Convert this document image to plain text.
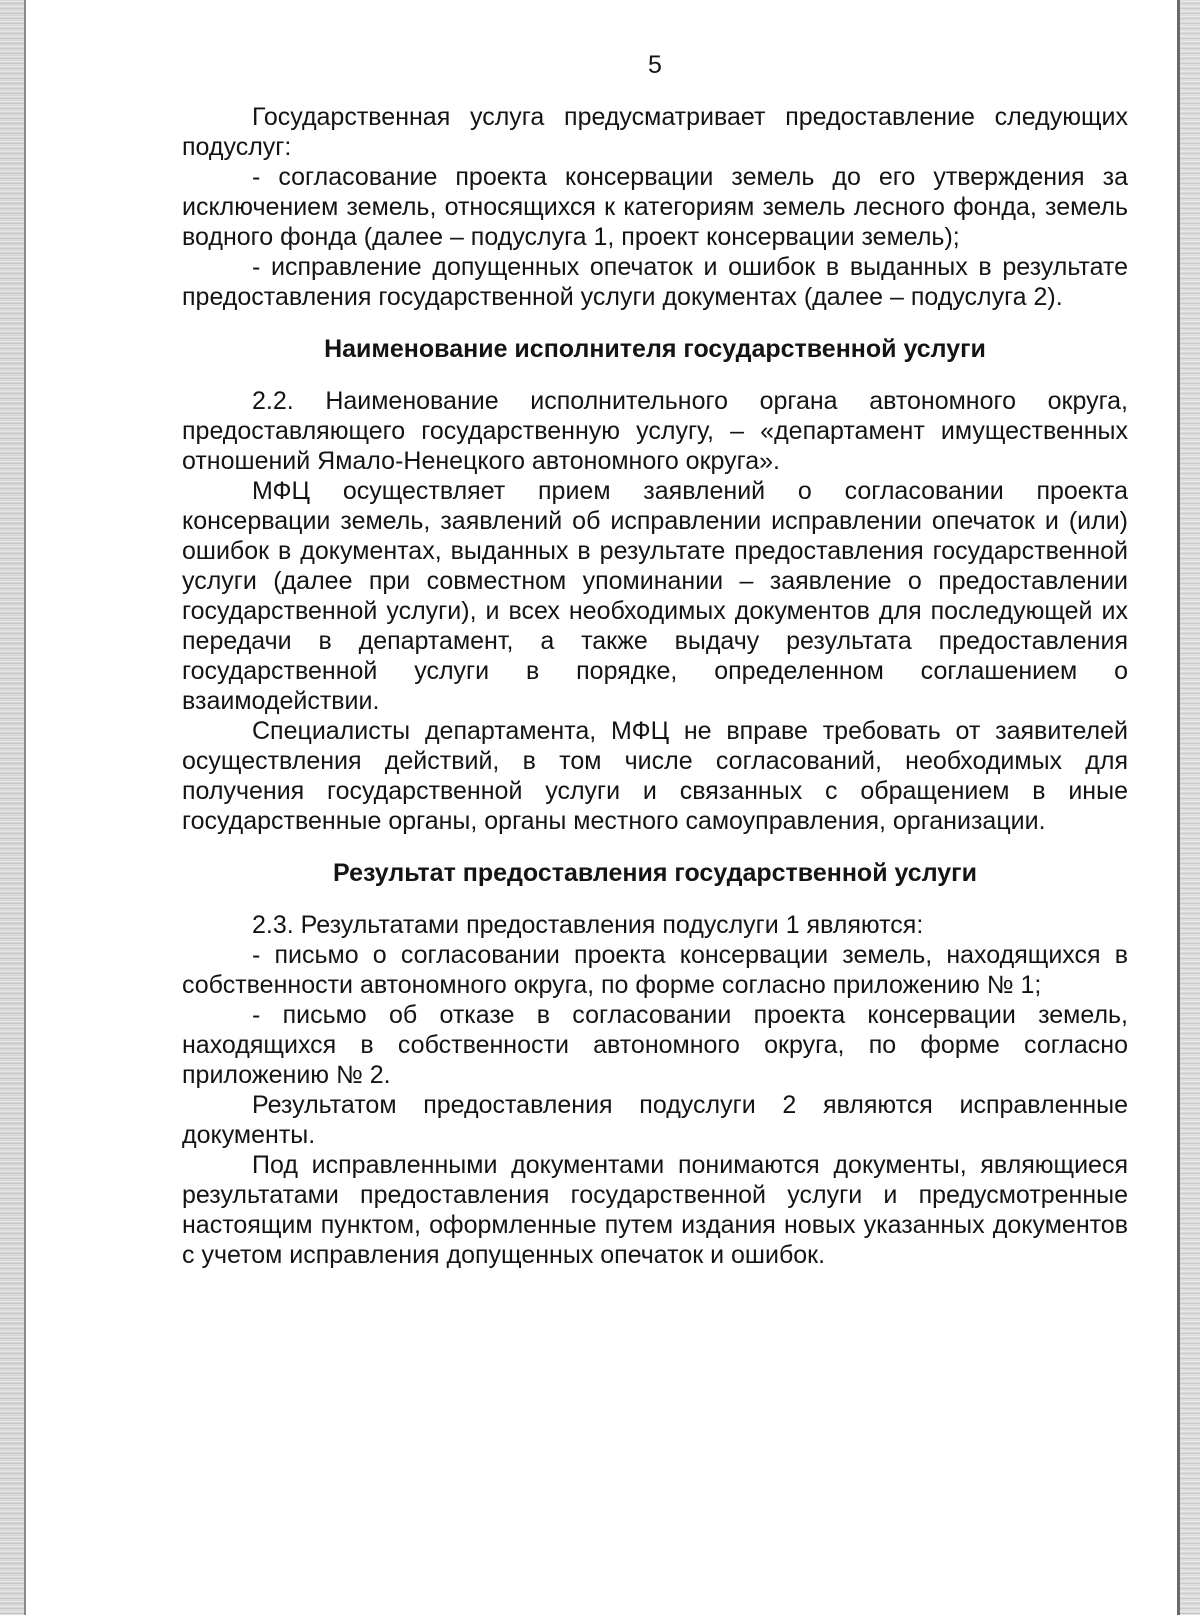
5

Государственная услуга предусматривает предоставление следующих подуслуг:

- согласование проекта консервации земель до его утверждения за исключением земель, относящихся к категориям земель лесного фонда, земель водного фонда (далее – подуслуга 1, проект консервации земель);

- исправление допущенных опечаток и ошибок в выданных в результате предоставления государственной услуги документах (далее – подуслуга 2).

Наименование исполнителя государственной услуги

2.2. Наименование исполнительного органа автономного округа, предоставляющего государственную услугу, – «департамент имущественных отношений Ямало-Ненецкого автономного округа».

МФЦ осуществляет прием заявлений о согласовании проекта консервации земель, заявлений об исправлении исправлении опечаток и (или) ошибок в документах, выданных в результате предоставления государственной услуги (далее при совместном упоминании – заявление о предоставлении государственной услуги), и всех необходимых документов для последующей их передачи в департамент, а также выдачу результата предоставления государственной услуги в порядке, определенном соглашением о взаимодействии.

Специалисты департамента, МФЦ не вправе требовать от заявителей осуществления действий, в том числе согласований, необходимых для получения государственной услуги и связанных с обращением в иные государственные органы, органы местного самоуправления, организации.

Результат предоставления государственной услуги

2.3. Результатами предоставления подуслуги 1 являются:

- письмо о согласовании проекта консервации земель, находящихся в собственности автономного округа, по форме согласно приложению № 1;

- письмо об отказе в согласовании проекта консервации земель, находящихся в собственности автономного округа, по форме согласно приложению № 2.

Результатом предоставления подуслуги 2 являются исправленные документы.

Под исправленными документами понимаются документы, являющиеся результатами предоставления государственной услуги и предусмотренные настоящим пунктом, оформленные путем издания новых указанных документов с учетом исправления допущенных опечаток и ошибок.
